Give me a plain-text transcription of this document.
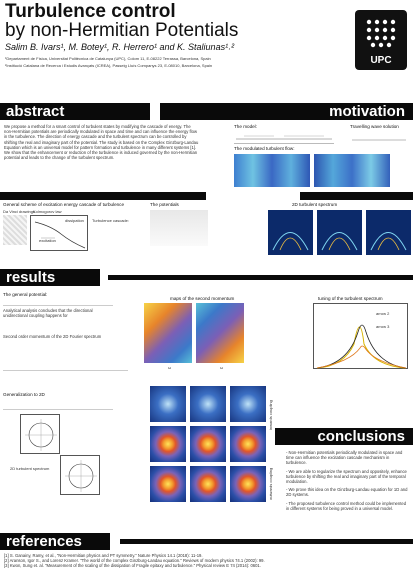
Turbulence control
by non-Hermitian Potentials
Salim B. Ivars¹, M. Botey¹, R. Herrero¹ and K. Staliunas¹˒²
¹Departament de Física, Universitat Politècnica de Catalunya (UPC), Colom 11, E-08222 Terrassa, Barcelona, Spain
²Institució Catalana de Recerca i Estudis Avançats (ICREA), Passeig Lluís Companys 23, E-08010, Barcelona, Spain	UPC
abstract	motivation
We propose a method for a smart control of turbulent states by modifying the cascade of energy. The non-Hermitian potentials are periodically modulated in space and time and can influence the energy flow in the turbulence. The direction of energy cascade and the turbulent spectrum can be controlled by shifting the real and imaginary part of the potential. The study is based on the Complex Ginzburg-Landau Equation which is an universal model for pattern formation and turbulence in many different systems [1]. We show that the enhancement or reduction of the turbulence is induced governed by the non-Hermitian potential and leads to the change of the turbulent spectrum.
The model:	Travelling wave solution
The modulated turbulent flow:
General scheme of excitation energy cascade of turbulence
Da Vinci drawings
Kolmogorov law
dissipation
excitation
Turbulence cascade:
The potentials	2D turbulent spectrum
results
The general potential:
Analytical analysis concludes that the directional unidirectional coupling happens for
Second order momentum of the 2D Fourier spectrum
maps of the second momentum
ω	ω
tuning of the turbulent spectrum
arrow 2
arrow 3
Generalization to 2D
2D turbulent spectrum
inwards coupling
outwards coupling
conclusions
- Non-Hermitian potentials periodically modulated in space and time can influence the excitation cascade mechanism in turbulence.
- We are able to regularize the spectrum and oppositely, enhance turbulence by shifting the real and imaginary part of the temporal modulation.
- We prove this idea on the Ginzburg-Landau equation for 1D and 2D systems.
- The proposed turbulence control method could be implemented in different systems for being proved in a universal model.
references
[1] S. Ganainy, Ramy, et al., "Non-Hermitian physics and PT symmetry." Nature Physics 14.1 (2018): 11-19.
[2] Aranson, Igor S., and Lorenz Kramer. "The world of the complex Ginzburg-Landau equation." Reviews of modern physics 74.1 (2002): 99.
[3] Kwon, Sung et. al. "Measurement of the scaling of the dissipation of Fragile epitaxy and turbulence." Physical review E 74 (2014): 0601.
